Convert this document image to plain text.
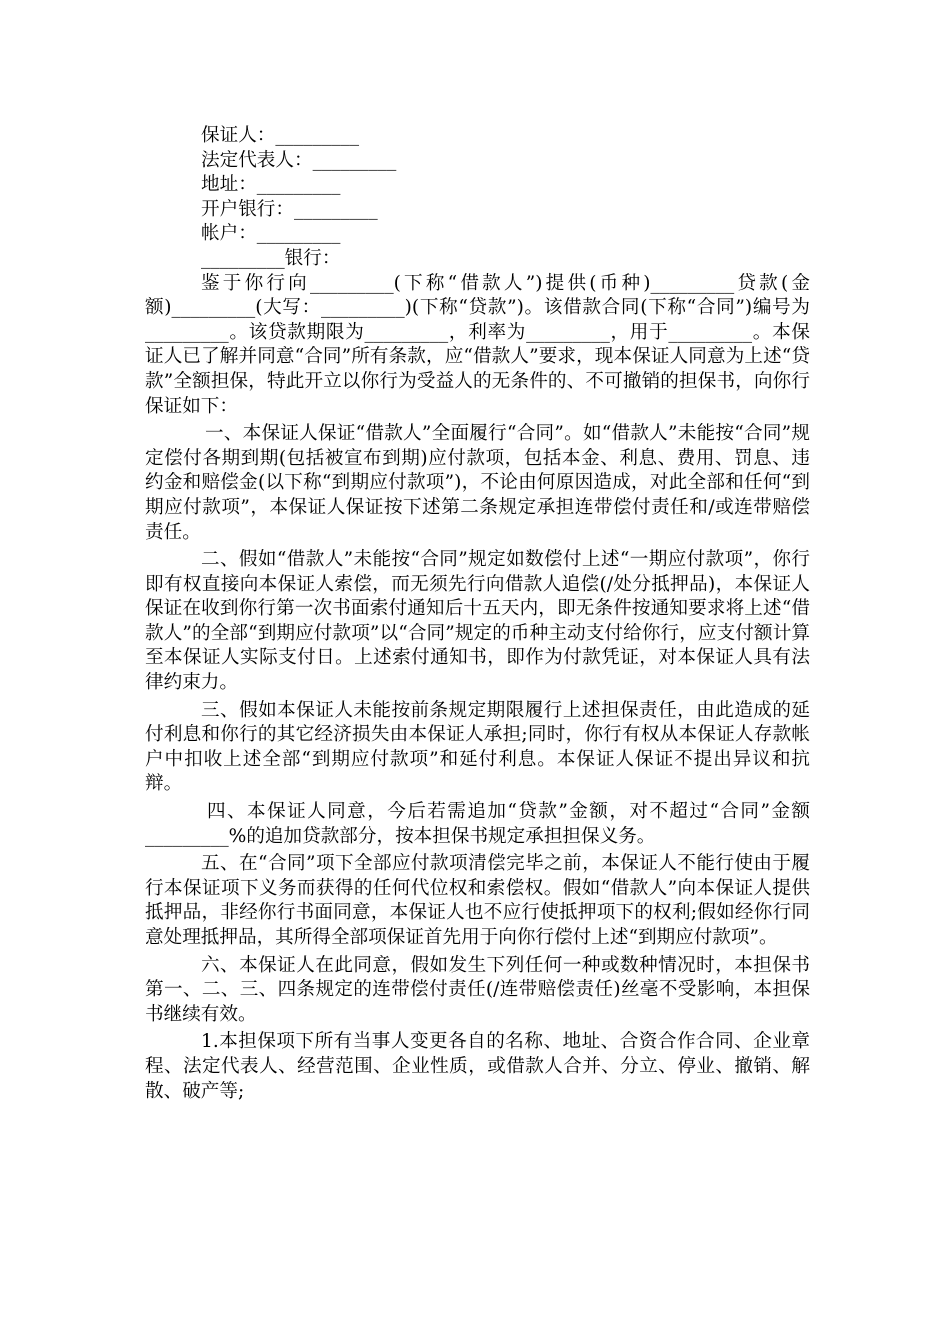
保证人：_________
法定代表人：_________
地址：_________
开户银行：_________
帐户：_________
_________银行：

鉴于你行向_________(下称“借款人”)提供(币种)_________贷款(金额)_________(大写：_________)(下称“贷款”)。该借款合同(下称“合同”)编号为_________。该贷款期限为_________，利率为_________，用于_________。本保证人已了解并同意“合同”所有条款，应“借款人”要求，现本保证人同意为上述“贷款”全额担保，特此开立以你行为受益人的无条件的、不可撤销的担保书，向你行保证如下：

一、本保证人保证“借款人”全面履行“合同”。如“借款人”未能按“合同”规定偿付各期到期(包括被宣布到期)应付款项，包括本金、利息、费用、罚息、违约金和赔偿金(以下称“到期应付款项”)，不论由何原因造成，对此全部和任何“到期应付款项”，本保证人保证按下述第二条规定承担连带偿付责任和/或连带赔偿责任。

二、假如“借款人”未能按“合同”规定如数偿付上述“一期应付款项”，你行即有权直接向本保证人索偿，而无须先行向借款人追偿(/处分抵押品)，本保证人保证在收到你行第一次书面索付通知后十五天内，即无条件按通知要求将上述“借款人”的全部“到期应付款项”以“合同”规定的币种主动支付给你行，应支付额计算至本保证人实际支付日。上述索付通知书，即作为付款凭证，对本保证人具有法律约束力。

三、假如本保证人未能按前条规定期限履行上述担保责任，由此造成的延付利息和你行的其它经济损失由本保证人承担;同时，你行有权从本保证人存款帐户中扣收上述全部“到期应付款项”和延付利息。本保证人保证不提出异议和抗辩。

四、本保证人同意，今后若需追加“贷款”金额，对不超过“合同”金额_________%的追加贷款部分，按本担保书规定承担担保义务。

五、在“合同”项下全部应付款项清偿完毕之前，本保证人不能行使由于履行本保证项下义务而获得的任何代位权和索偿权。假如“借款人”向本保证人提供抵押品，非经你行书面同意，本保证人也不应行使抵押项下的权利;假如经你行同意处理抵押品，其所得全部项保证首先用于向你行偿付上述“到期应付款项”。

六、本保证人在此同意，假如发生下列任何一种或数种情况时，本担保书第一、二、三、四条规定的连带偿付责任(/连带赔偿责任)丝毫不受影响，本担保书继续有效。

1.本担保项下所有当事人变更各自的名称、地址、合资合作合同、企业章程、法定代表人、经营范围、企业性质，或借款人合并、分立、停业、撤销、解散、破产等;
